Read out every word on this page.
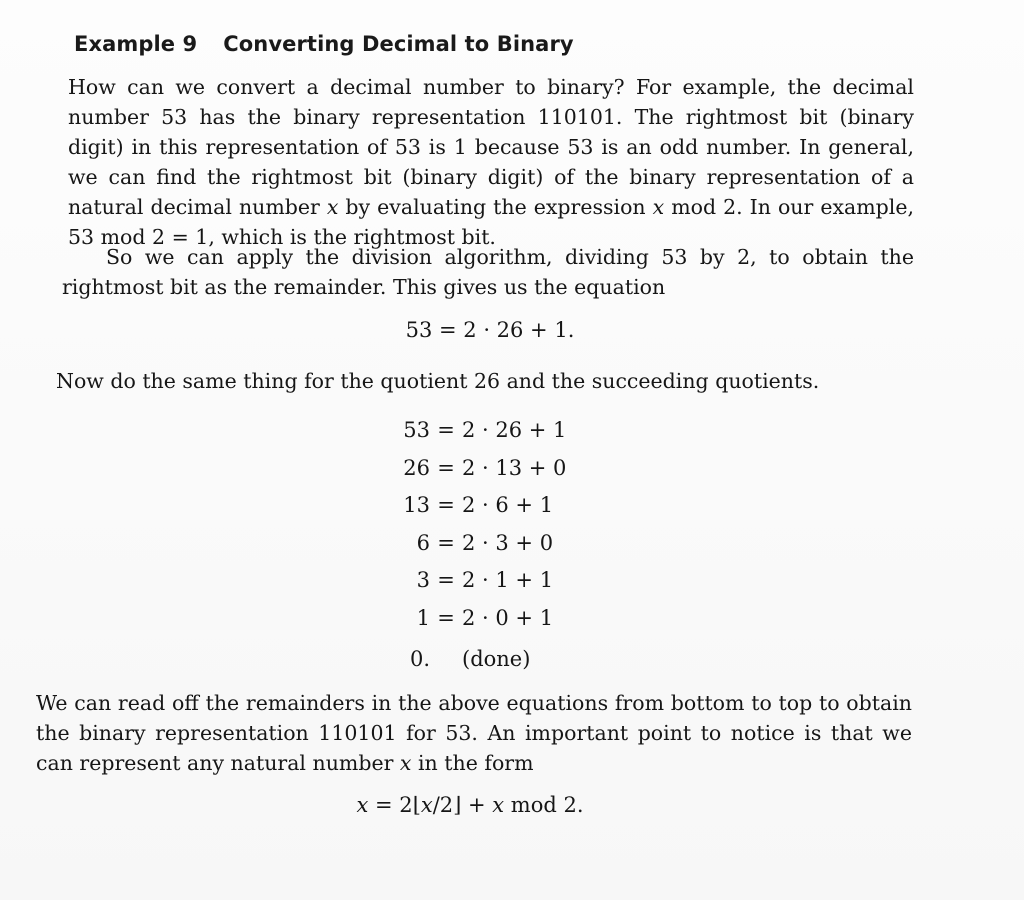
Example 9 Converting Decimal to Binary

How can we convert a decimal number to binary? For example, the decimal number 53 has the binary representation 110101. The rightmost bit (binary digit) in this representation of 53 is 1 because 53 is an odd number. In general, we can find the rightmost bit (binary digit) of the binary representation of a natural decimal number x by evaluating the expression x mod 2. In our example, 53 mod 2 = 1, which is the rightmost bit.

So we can apply the division algorithm, dividing 53 by 2, to obtain the rightmost bit as the remainder. This gives us the equation

53 = 2 · 26 + 1.

Now do the same thing for the quotient 26 and the succeeding quotients.

53	=	2 · 26 + 1
26	=	2 · 13 + 0
13	=	2 · 6 + 1
6	=	2 · 3 + 0
3	=	2 · 1 + 1
1	=	2 · 0 + 1
0.		(done)

We can read off the remainders in the above equations from bottom to top to obtain the binary representation 110101 for 53. An important point to notice is that we can represent any natural number x in the form

x = 2⌊x/2⌋ + x mod 2.
